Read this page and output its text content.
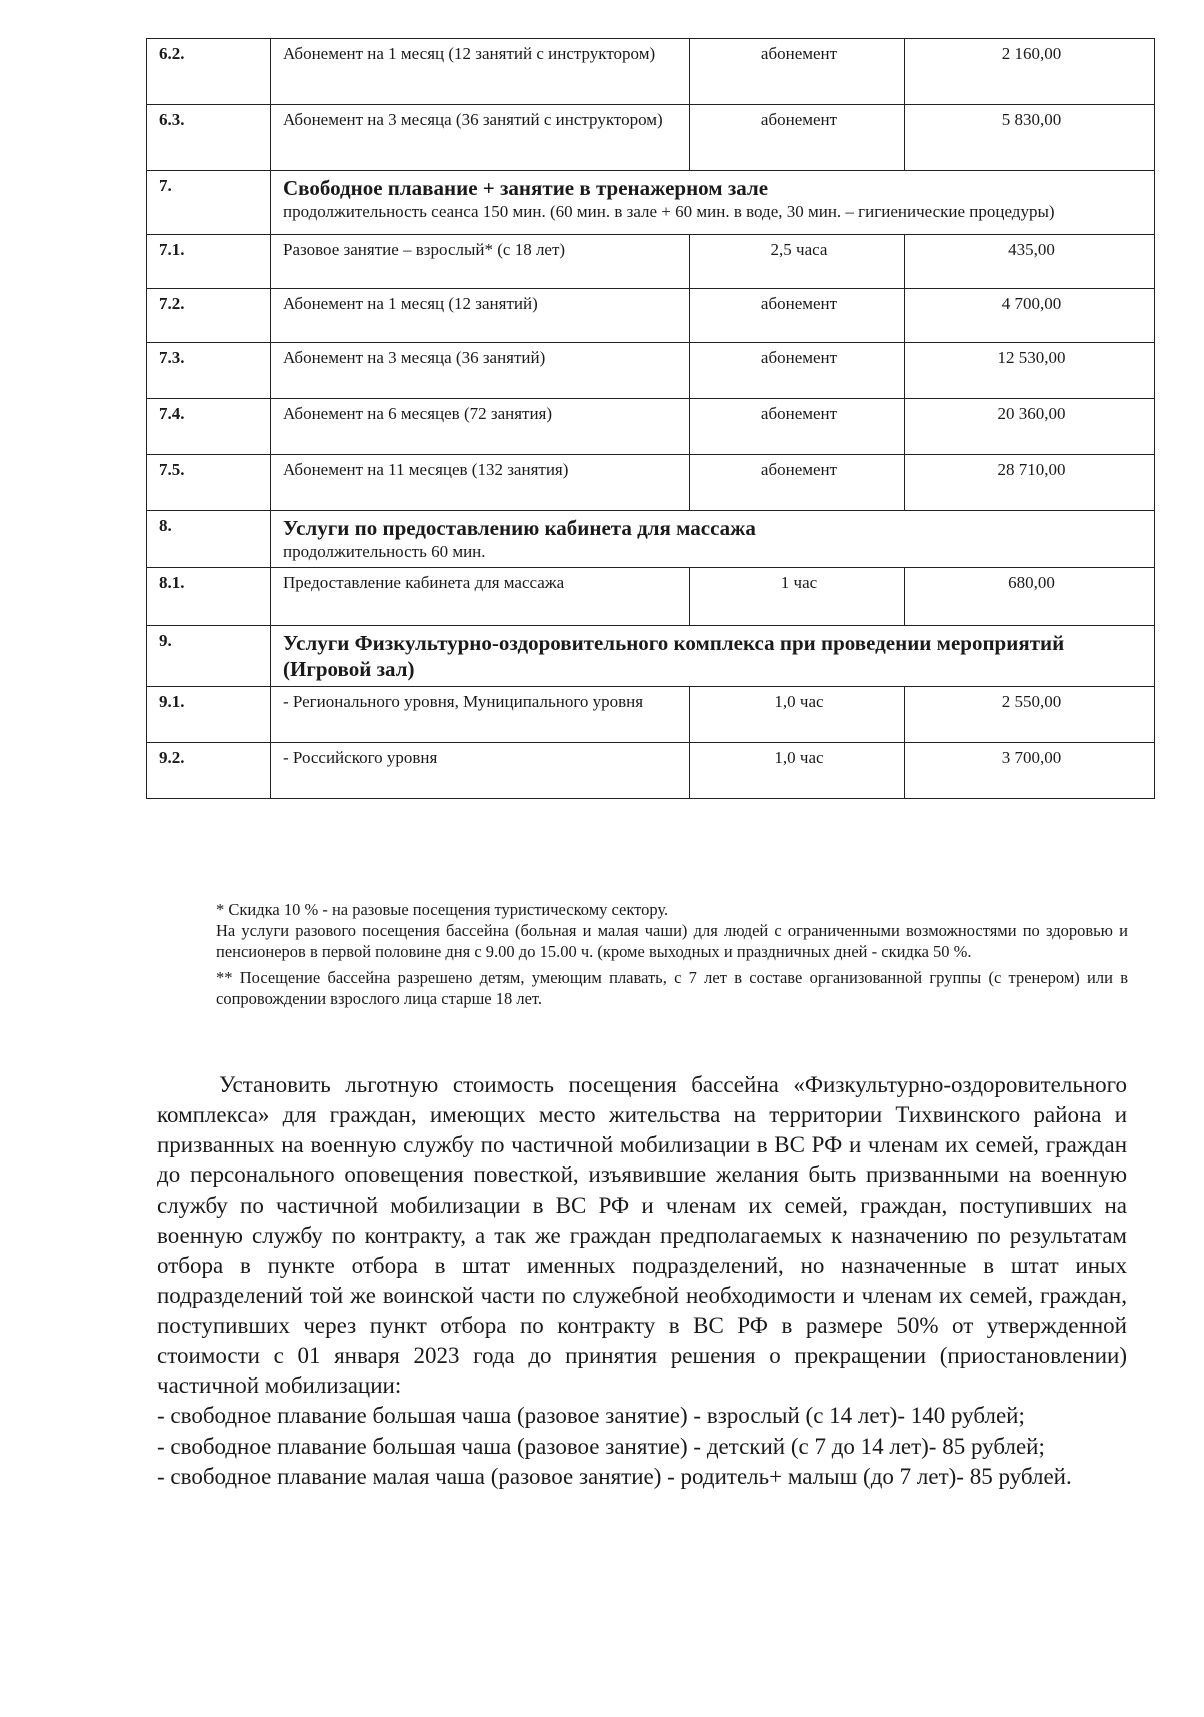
6.2.	Абонемент на 1 месяц (12 занятий с инструктором)	абонемент	2 160,00
6.3.	Абонемент на 3 месяца (36 занятий с инструктором)	абонемент	5 830,00
7.	Свободное плавание + занятие в тренажерном зале
продолжительность сеанса 150 мин. (60 мин. в зале + 60 мин. в воде, 30 мин. – гигиенические процедуры)		

7.1.	Разовое занятие – взрослый* (с 18 лет)	2,5 часа	435,00
7.2.	Абонемент на 1 месяц (12 занятий)	абонемент	4 700,00
7.3.	Абонемент на 3 месяца (36 занятий)	абонемент	12 530,00
7.4.	Абонемент на 6 месяцев (72 занятия)	абонемент	20 360,00
7.5.	Абонемент на 11 месяцев (132 занятия)	абонемент	28 710,00
8.	Услуги по предоставлению кабинета для массажа
продолжительность 60 мин.		

8.1.	Предоставление кабинета для массажа	1 час	680,00
9.	Услуги Физкультурно-оздоровительного комплекса при проведении мероприятий (Игровой зал)		

9.1.	- Регионального уровня, Муниципального уровня	1,0 час	2 550,00
9.2.	- Российского уровня	1,0 час	3 700,00

* Скидка 10 % - на разовые посещения туристическому сектору.

На услуги разового посещения бассейна (больная и малая чаши) для людей с ограниченными возможностями по здоровью и пенсионеров в первой половине дня с 9.00 до 15.00 ч. (кроме выходных и праздничных дней - скидка 50 %.

** Посещение бассейна разрешено детям, умеющим плавать, с 7 лет в составе организованной группы (с тренером) или в сопровождении взрослого лица старше 18 лет.

Установить льготную стоимость посещения бассейна «Физкультурно-оздоровительного комплекса» для граждан, имеющих место жительства на территории Тихвинского района и призванных на военную службу по частичной мобилизации в ВС РФ и членам их семей, граждан до персонального оповещения повесткой, изъявившие желания быть призванными на военную службу по частичной мобилизации в ВС РФ и членам их семей, граждан, поступивших на военную службу по контракту, а так же граждан предполагаемых к назначению по результатам отбора в пункте отбора в штат именных подразделений, но назначенные в штат иных подразделений той же воинской части по служебной необходимости и членам их семей, граждан, поступивших через пункт отбора по контракту в ВС РФ в размере 50% от утвержденной стоимости с 01 января 2023 года до принятия решения о прекращении (приостановлении) частичной мобилизации:

- свободное плавание большая чаша (разовое занятие) - взрослый (с 14 лет)- 140 рублей;

- свободное плавание большая чаша (разовое занятие) - детский (с 7 до 14 лет)- 85 рублей;

- свободное плавание малая чаша (разовое занятие) - родитель+ малыш (до 7 лет)- 85 рублей.
